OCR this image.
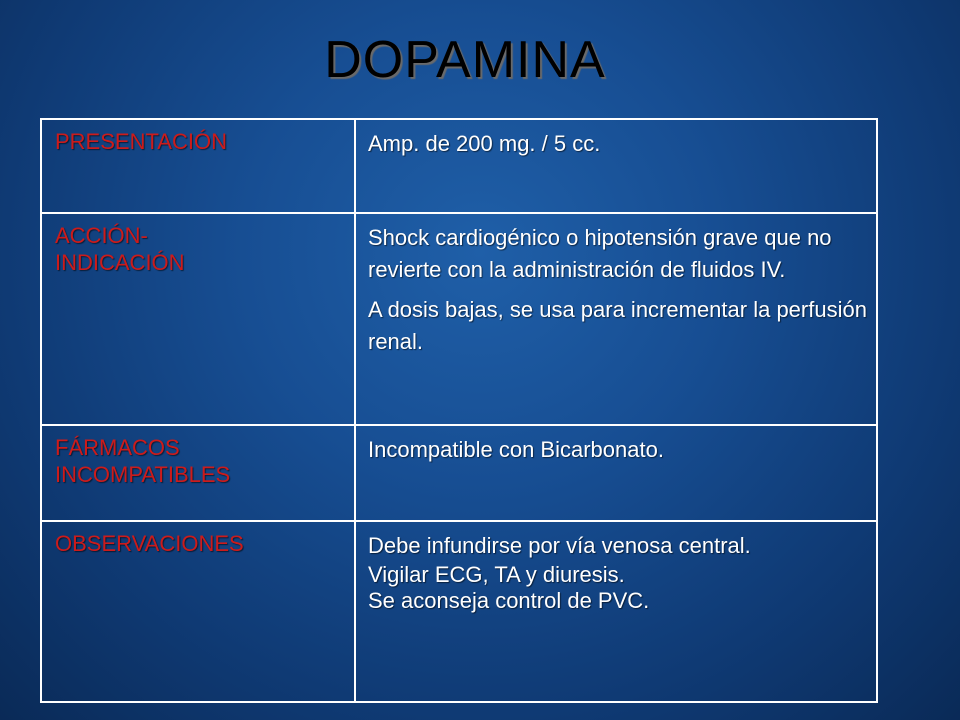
DOPAMINA
PRESENTACIÓN	Amp. de 200 mg. / 5 cc.
ACCIÓN-
INDICACIÓN
Shock cardiogénico o hipotensión grave que no revierte con la administración de fluidos IV.
A dosis bajas, se usa para incrementar la perfusión renal.
FÁRMACOS
INCOMPATIBLES
Incompatible con Bicarbonato.
OBSERVACIONES	Debe infundirse por vía venosa central.
Vigilar ECG, TA y diuresis.
Se aconseja control de PVC.
